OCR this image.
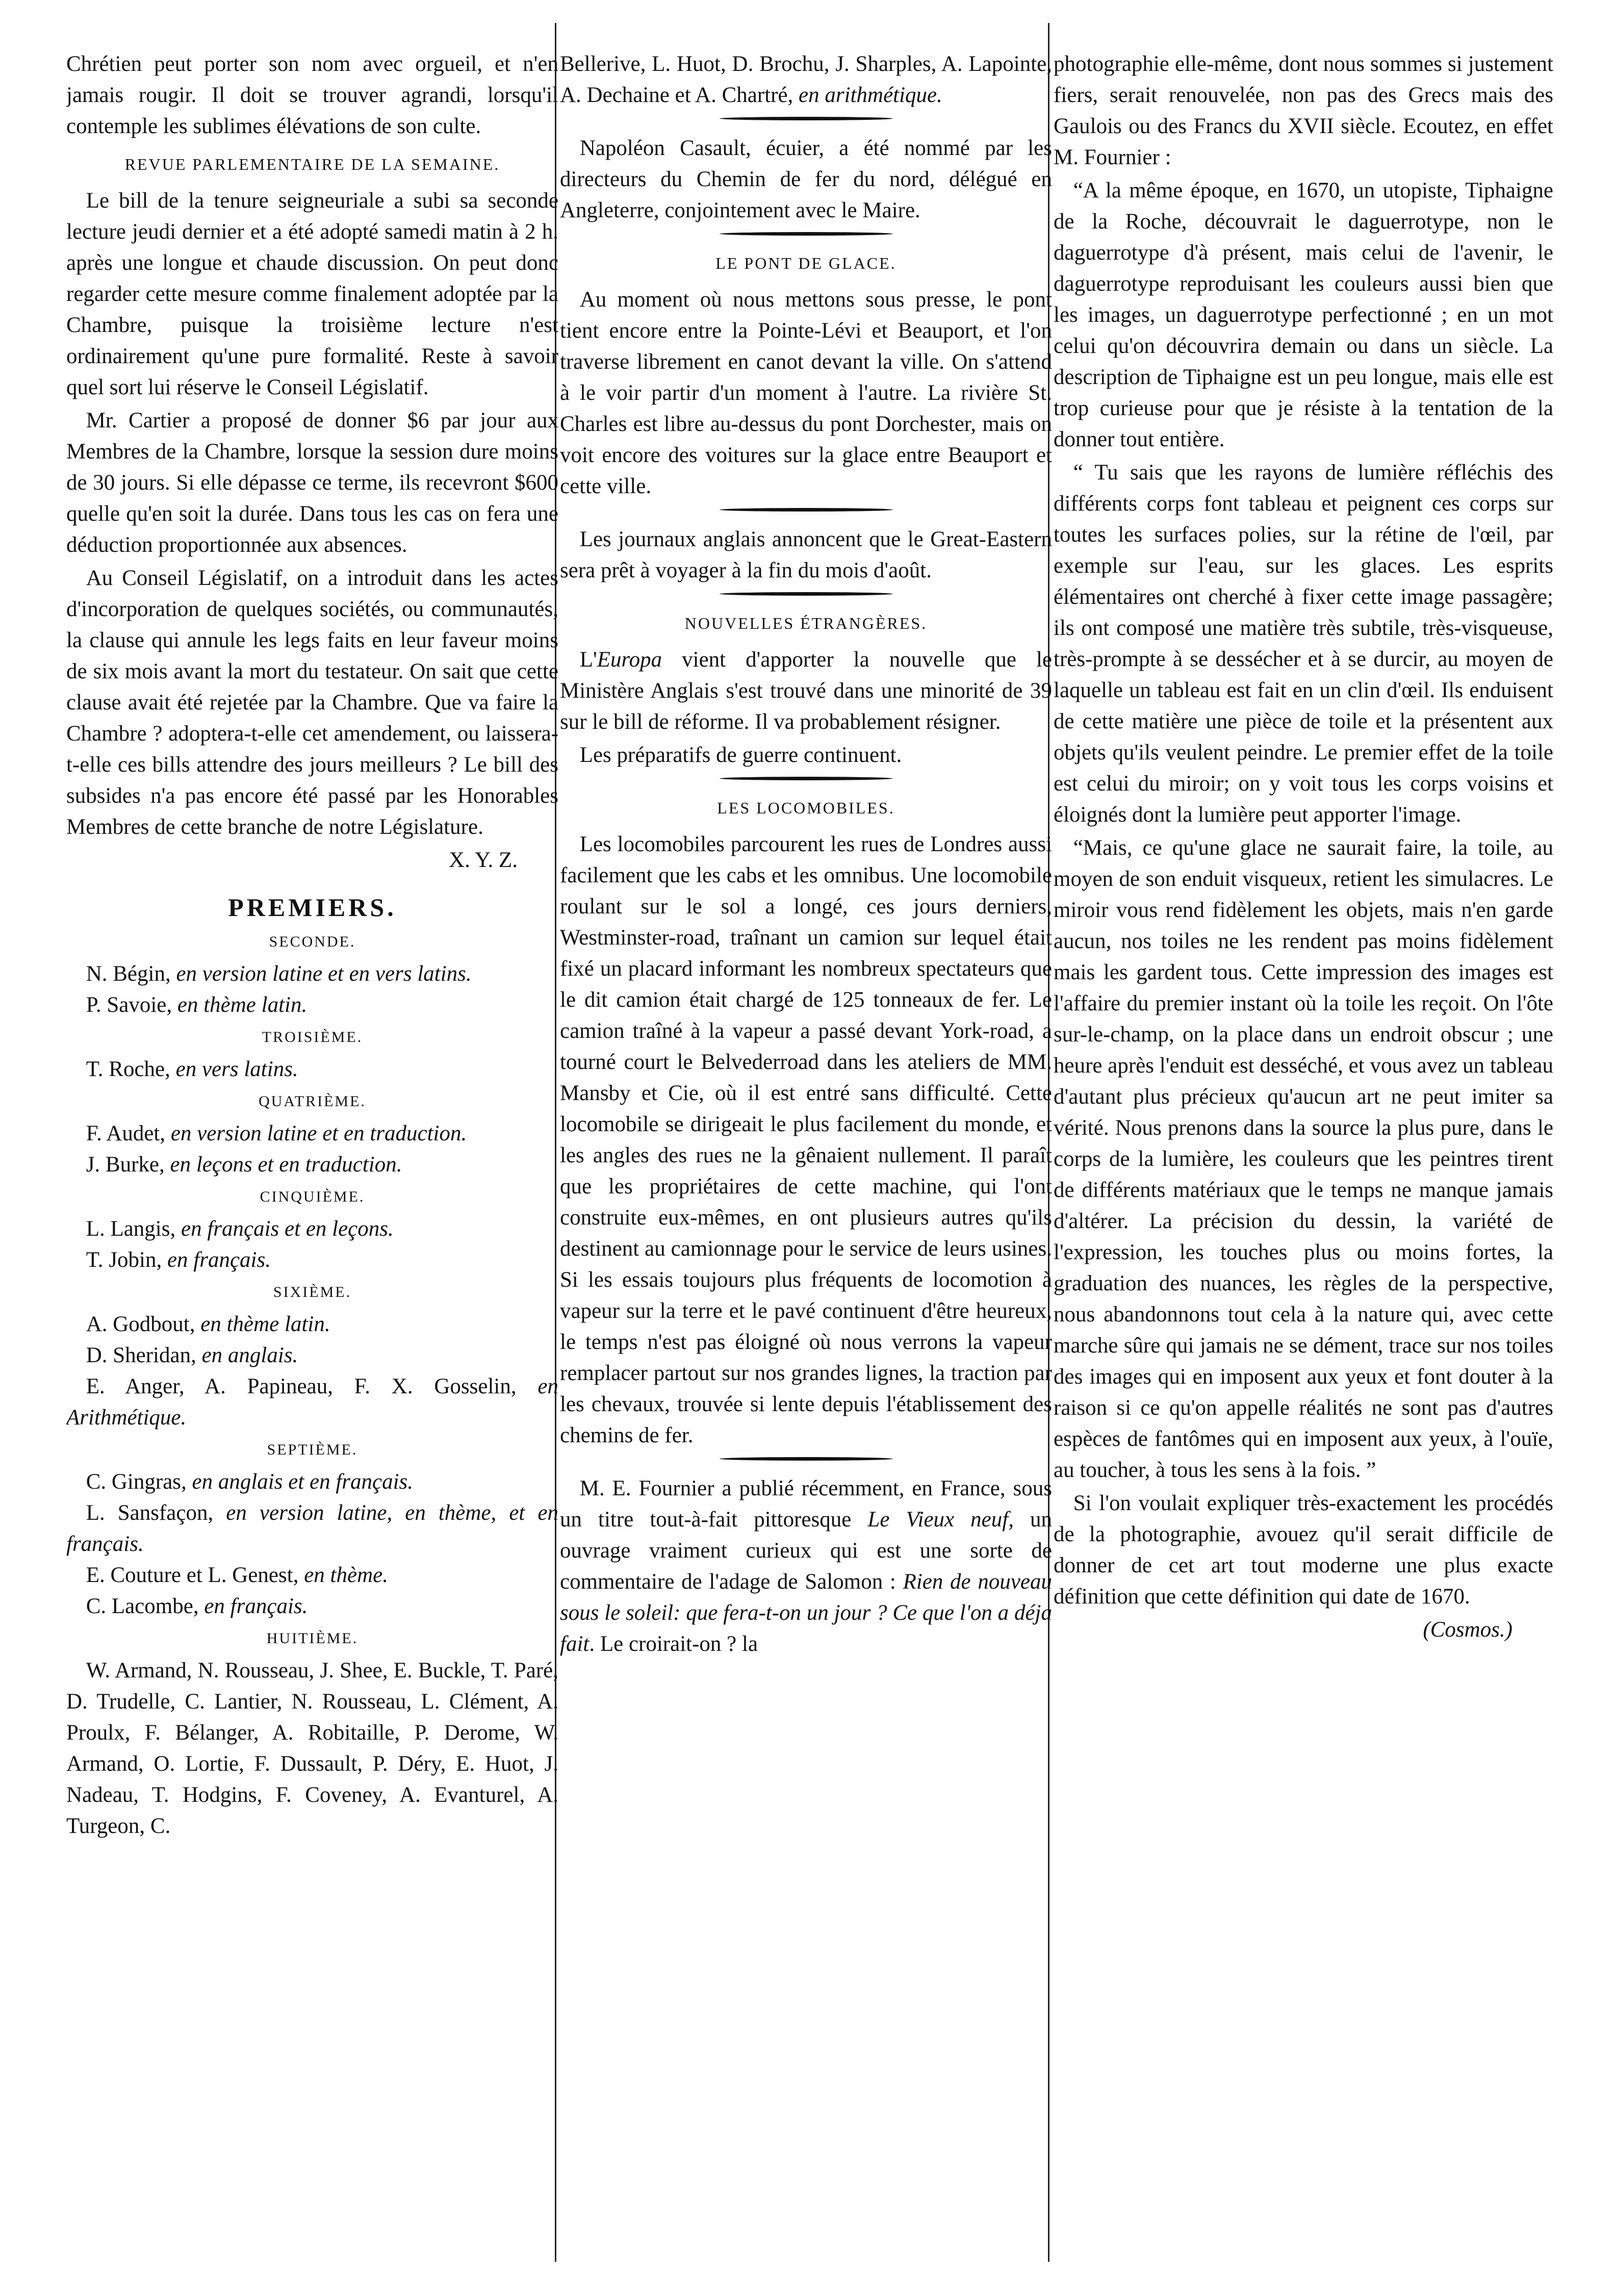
Chrétien peut porter son nom avec orgueil, et n'en jamais rougir. Il doit se trouver agrandi, lorsqu'il contemple les sublimes élévations de son culte.

REVUE PARLEMENTAIRE DE LA SEMAINE.

Le bill de la tenure seigneuriale a subi sa seconde lecture jeudi dernier et a été adopté samedi matin à 2 h. après une longue et chaude discussion. On peut donc regarder cette mesure comme finalement adoptée par la Chambre, puisque la troisième lecture n'est ordinairement qu'une pure formalité. Reste à savoir quel sort lui réserve le Conseil Législatif.

Mr. Cartier a proposé de donner $6 par jour aux Membres de la Chambre, lorsque la session dure moins de 30 jours. Si elle dépasse ce terme, ils recevront $600 quelle qu'en soit la durée. Dans tous les cas on fera une déduction proportionnée aux absences.

Au Conseil Législatif, on a introduit dans les actes d'incorporation de quelques sociétés, ou communautés, la clause qui annule les legs faits en leur faveur moins de six mois avant la mort du testateur. On sait que cette clause avait été rejetée par la Chambre. Que va faire la Chambre ? adoptera-t-elle cet amendement, ou laissera-t-elle ces bills attendre des jours meilleurs ? Le bill des subsides n'a pas encore été passé par les Honorables Membres de cette branche de notre Législature.

X. Y. Z.
PREMIERS.
SECONDE.

N. Bégin, en version latine et en vers latins.

P. Savoie, en thème latin.

TROISIÈME.

T. Roche, en vers latins.

QUATRIÈME.

F. Audet, en version latine et en traduction.

J. Burke, en leçons et en traduction.

CINQUIÈME.

L. Langis, en français et en leçons.

T. Jobin, en français.

SIXIÈME.

A. Godbout, en thème latin.

D. Sheridan, en anglais.

E. Anger, A. Papineau, F. X. Gosselin, en Arithmétique.

SEPTIÈME.

C. Gingras, en anglais et en français.

L. Sansfaçon, en version latine, en thème, et en français.

E. Couture et L. Genest, en thème.

C. Lacombe, en français.

HUITIÈME.

W. Armand, N. Rousseau, J. Shee, E. Buckle, T. Paré, D. Trudelle, C. Lantier, N. Rousseau, L. Clément, A. Proulx, F. Bélanger, A. Robitaille, P. Derome, W. Armand, O. Lortie, F. Dussault, P. Déry, E. Huot, J. Nadeau, T. Hodgins, F. Coveney, A. Evanturel, A. Turgeon, C.

Bellerive, L. Huot, D. Brochu, J. Sharples, A. Lapointe, A. Dechaine et A. Chartré, en arithmétique.

Napoléon Casault, écuier, a été nommé par les directeurs du Chemin de fer du nord, délégué en Angleterre, conjointement avec le Maire.

LE PONT DE GLACE.

Au moment où nous mettons sous presse, le pont tient encore entre la Pointe-Lévi et Beauport, et l'on traverse librement en canot devant la ville. On s'attend à le voir partir d'un moment à l'autre. La rivière St. Charles est libre au-dessus du pont Dorchester, mais on voit encore des voitures sur la glace entre Beauport et cette ville.

Les journaux anglais annoncent que le Great-Eastern sera prêt à voyager à la fin du mois d'août.

NOUVELLES ÉTRANGÈRES.

L'Europa vient d'apporter la nouvelle que le Ministère Anglais s'est trouvé dans une minorité de 39 sur le bill de réforme. Il va probablement résigner.

Les préparatifs de guerre continuent.

LES LOCOMOBILES.

Les locomobiles parcourent les rues de Londres aussi facilement que les cabs et les omnibus. Une locomobile roulant sur le sol a longé, ces jours derniers, Westminster-road, traînant un camion sur lequel était fixé un placard informant les nombreux spectateurs que le dit camion était chargé de 125 tonneaux de fer. Le camion traîné à la vapeur a passé devant York-road, a tourné court le Belvederroad dans les ateliers de MM. Mansby et Cie, où il est entré sans difficulté. Cette locomobile se dirigeait le plus facilement du monde, et les angles des rues ne la gênaient nullement. Il paraît que les propriétaires de cette machine, qui l'ont construite eux-mêmes, en ont plusieurs autres qu'ils destinent au camionnage pour le service de leurs usines. Si les essais toujours plus fréquents de locomotion à vapeur sur la terre et le pavé continuent d'être heureux, le temps n'est pas éloigné où nous verrons la vapeur remplacer partout sur nos grandes lignes, la traction par les chevaux, trouvée si lente depuis l'établissement des chemins de fer.

M. E. Fournier a publié récemment, en France, sous un titre tout-à-fait pittoresque Le Vieux neuf, un ouvrage vraiment curieux qui est une sorte de commentaire de l'adage de Salomon : Rien de nouveau sous le soleil: que fera-t-on un jour ? Ce que l'on a déja fait. Le croirait-on ? la

photographie elle-même, dont nous sommes si justement fiers, serait renouvelée, non pas des Grecs mais des Gaulois ou des Francs du XVII siècle. Ecoutez, en effet M. Fournier :

“A la même époque, en 1670, un utopiste, Tiphaigne de la Roche, découvrait le daguerrotype, non le daguerrotype d'à présent, mais celui de l'avenir, le daguerrotype reproduisant les couleurs aussi bien que les images, un daguerrotype perfectionné ; en un mot celui qu'on découvrira demain ou dans un siècle. La description de Tiphaigne est un peu longue, mais elle est trop curieuse pour que je résiste à la tentation de la donner tout entière.

“ Tu sais que les rayons de lumière réfléchis des différents corps font tableau et peignent ces corps sur toutes les surfaces polies, sur la rétine de l'œil, par exemple sur l'eau, sur les glaces. Les esprits élémentaires ont cherché à fixer cette image passagère; ils ont composé une matière très subtile, très-visqueuse, très-prompte à se dessécher et à se durcir, au moyen de laquelle un tableau est fait en un clin d'œil. Ils enduisent de cette matière une pièce de toile et la présentent aux objets qu'ils veulent peindre. Le premier effet de la toile est celui du miroir; on y voit tous les corps voisins et éloignés dont la lumière peut apporter l'image.

“Mais, ce qu'une glace ne saurait faire, la toile, au moyen de son enduit visqueux, retient les simulacres. Le miroir vous rend fidèlement les objets, mais n'en garde aucun, nos toiles ne les rendent pas moins fidèlement mais les gardent tous. Cette impression des images est l'affaire du premier instant où la toile les reçoit. On l'ôte sur-le-champ, on la place dans un endroit obscur ; une heure après l'enduit est desséché, et vous avez un tableau d'autant plus précieux qu'aucun art ne peut imiter sa vérité. Nous prenons dans la source la plus pure, dans le corps de la lumière, les couleurs que les peintres tirent de différents matériaux que le temps ne manque jamais d'altérer. La précision du dessin, la variété de l'expression, les touches plus ou moins fortes, la graduation des nuances, les règles de la perspective, nous abandonnons tout cela à la nature qui, avec cette marche sûre qui jamais ne se dément, trace sur nos toiles des images qui en imposent aux yeux et font douter à la raison si ce qu'on appelle réalités ne sont pas d'autres espèces de fantômes qui en imposent aux yeux, à l'ouïe, au toucher, à tous les sens à la fois. ”

Si l'on voulait expliquer très-exactement les procédés de la photographie, avouez qu'il serait difficile de donner de cet art tout moderne une plus exacte définition que cette définition qui date de 1670.

(Cosmos.)
